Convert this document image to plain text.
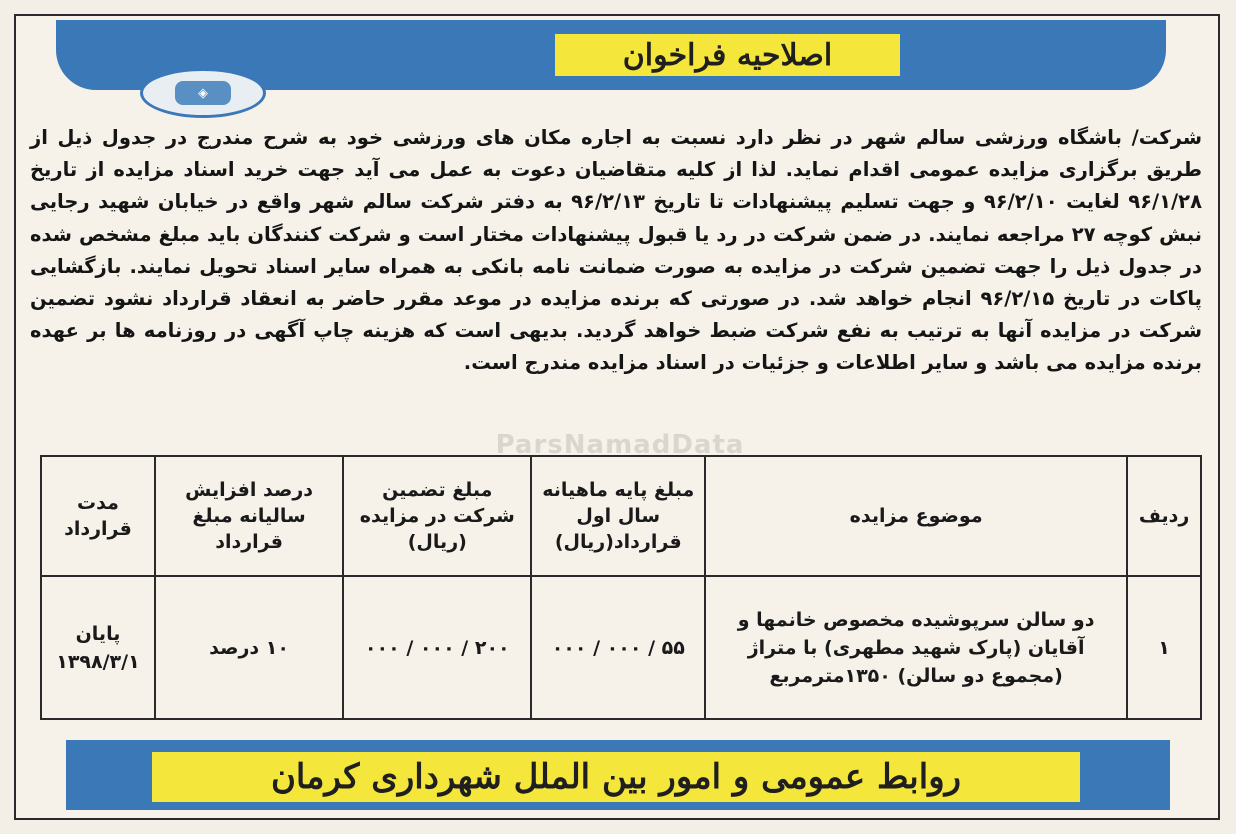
اصلاحیه فراخوان
◈
شرکت/ باشگاه ورزشی سالم شهر در نظر دارد نسبت به اجاره مکان های ورزشی خود به شرح مندرج در جدول ذیل از طریق برگزاری مزایده عمومی اقدام نماید. لذا از کلیه متقاضیان دعوت به عمل می آید جهت خرید اسناد مزایده از تاریخ ۹۶/۱/۲۸ لغایت ۹۶/۲/۱۰ و جهت تسلیم پیشنهادات تا تاریخ ۹۶/۲/۱۳ به دفتر شرکت سالم شهر واقع در خیابان شهید رجایی نبش کوچه ۲۷ مراجعه نمایند. در ضمن شرکت در رد یا قبول پیشنهادات مختار است و شرکت کنندگان باید مبلغ مشخص شده در جدول ذیل را جهت تضمین شرکت در مزایده به صورت ضمانت نامه بانکی به همراه سایر اسناد تحویل نمایند. بازگشایی پاکات در تاریخ ۹۶/۲/۱۵ انجام خواهد شد. در صورتی که برنده مزایده در موعد مقرر حاضر به انعقاد قرارداد نشود تضمین شرکت در مزایده آنها به ترتیب به نفع شرکت ضبط خواهد گردید. بدیهی است که هزینه چاپ آگهی در روزنامه ها بر عهده برنده مزایده می باشد و سایر اطلاعات و جزئیات در اسناد مزایده مندرج است.
ParsNamadData
ردیف	موضوع مزایده	مبلغ پایه ماهیانه سال اول قرارداد(ریال)	مبلغ تضمین شرکت در مزایده (ریال)	درصد افزایش سالیانه مبلغ قرارداد	مدت قرارداد
۱	دو سالن سرپوشیده مخصوص خانمها و آقایان (پارک شهید مطهری) با متراژ (مجموع دو سالن) ۱۳۵۰مترمربع	۵۵ / ۰۰۰ / ۰۰۰	۲۰۰ / ۰۰۰ / ۰۰۰	۱۰ درصد	پایان ۱۳۹۸/۳/۱
روابط عمومی و امور بین الملل شهرداری کرمان
